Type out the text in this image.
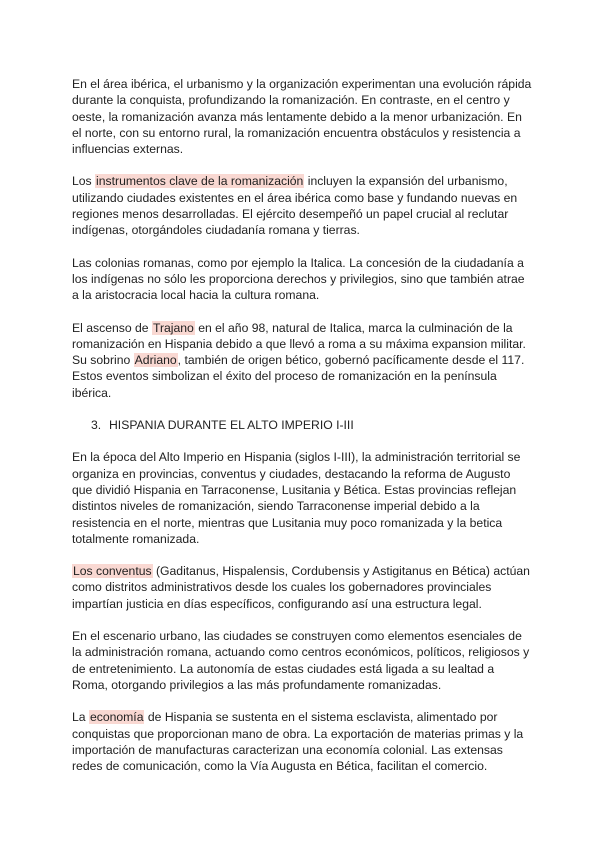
En el área ibérica, el urbanismo y la organización experimentan una evolución rápida durante la conquista, profundizando la romanización. En contraste, en el centro y oeste, la romanización avanza más lentamente debido a la menor urbanización. En el norte, con su entorno rural, la romanización encuentra obstáculos y resistencia a influencias externas.

Los instrumentos clave de la romanización incluyen la expansión del urbanismo, utilizando ciudades existentes en el área ibérica como base y fundando nuevas en regiones menos desarrolladas. El ejército desempeñó un papel crucial al reclutar indígenas, otorgándoles ciudadanía romana y tierras.

Las colonias romanas, como por ejemplo la Italica. La concesión de la ciudadanía a los indígenas no sólo les proporciona derechos y privilegios, sino que también atrae a la aristocracia local hacia la cultura romana.

El ascenso de Trajano en el año 98, natural de Italica, marca la culminación de la romanización en Hispania debido a que llevó a roma a su máxima expansion militar. Su sobrino Adriano, también de origen bético, gobernó pacíficamente desde el 117. Estos eventos simbolizan el éxito del proceso de romanización en la península ibérica.

3. HISPANIA DURANTE EL ALTO IMPERIO I-III

En la época del Alto Imperio en Hispania (siglos I-III), la administración territorial se organiza en provincias, conventus y ciudades, destacando la reforma de Augusto que dividió Hispania en Tarraconense, Lusitania y Bética. Estas provincias reflejan distintos niveles de romanización, siendo Tarraconense imperial debido a la resistencia en el norte, mientras que Lusitania muy poco romanizada y la betica totalmente romanizada.

Los conventus (Gaditanus, Hispalensis, Cordubensis y Astigitanus en Bética) actúan como distritos administrativos desde los cuales los gobernadores provinciales impartían justicia en días específicos, configurando así una estructura legal.

En el escenario urbano, las ciudades se construyen como elementos esenciales de la administración romana, actuando como centros económicos, políticos, religiosos y de entretenimiento. La autonomía de estas ciudades está ligada a su lealtad a Roma, otorgando privilegios a las más profundamente romanizadas.

La economía de Hispania se sustenta en el sistema esclavista, alimentado por conquistas que proporcionan mano de obra. La exportación de materias primas y la importación de manufacturas caracterizan una economía colonial. Las extensas redes de comunicación, como la Vía Augusta en Bética, facilitan el comercio.
